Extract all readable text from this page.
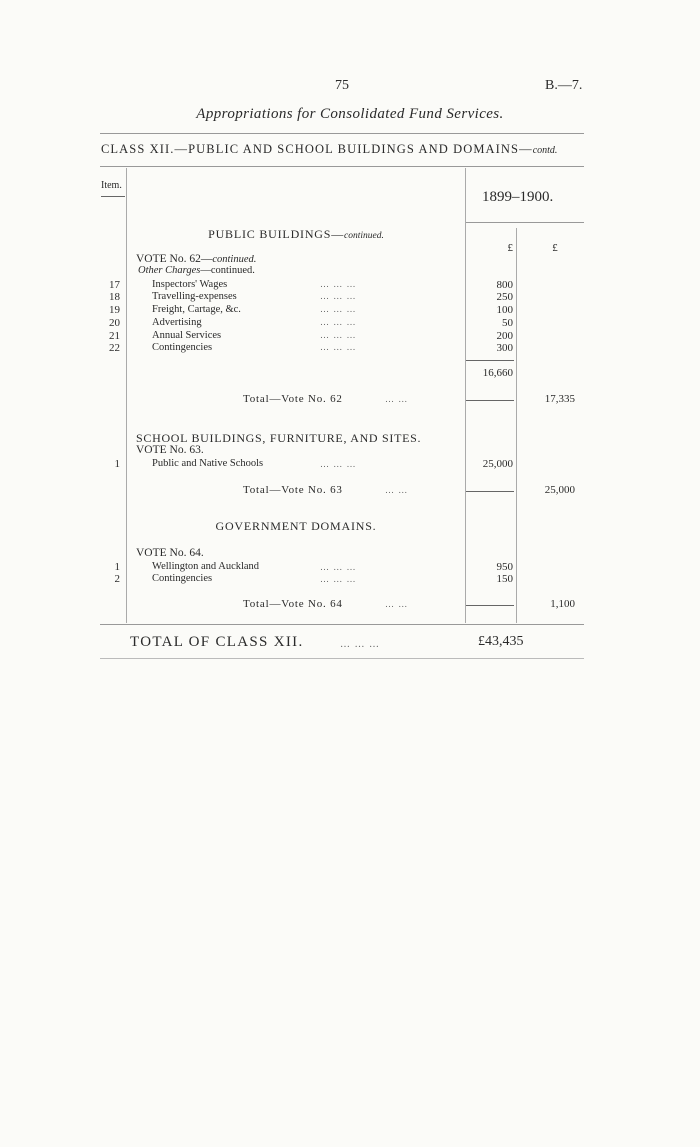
75	B.—7.
Appropriations for Consolidated Fund Services.
CLASS XII.—PUBLIC AND SCHOOL BUILDINGS AND DOMAINS—contd.
Item.
1899–1900.
PUBLIC BUILDINGS—continued.
£	£
VOTE No. 62—continued.
Other Charges—continued.
17	Inspectors' Wages	… … …	800
18	Travelling-expenses	… … …	250
19	Freight, Cartage, &c.	… … …	100
20	Advertising	… … …	50
21	Annual Services	… … …	200
22	Contingencies	… … …	300
16,660
Total—Vote No. 62	… …	17,335
SCHOOL BUILDINGS, FURNITURE, AND SITES.
VOTE No. 63.
1	Public and Native Schools	… … …	25,000
Total—Vote No. 63	… …	25,000
GOVERNMENT DOMAINS.
VOTE No. 64.
1	Wellington and Auckland	… … …	950
2	Contingencies	… … …	150
Total—Vote No. 64	… …	1,100
TOTAL OF CLASS XII.	… … …	£43,435
